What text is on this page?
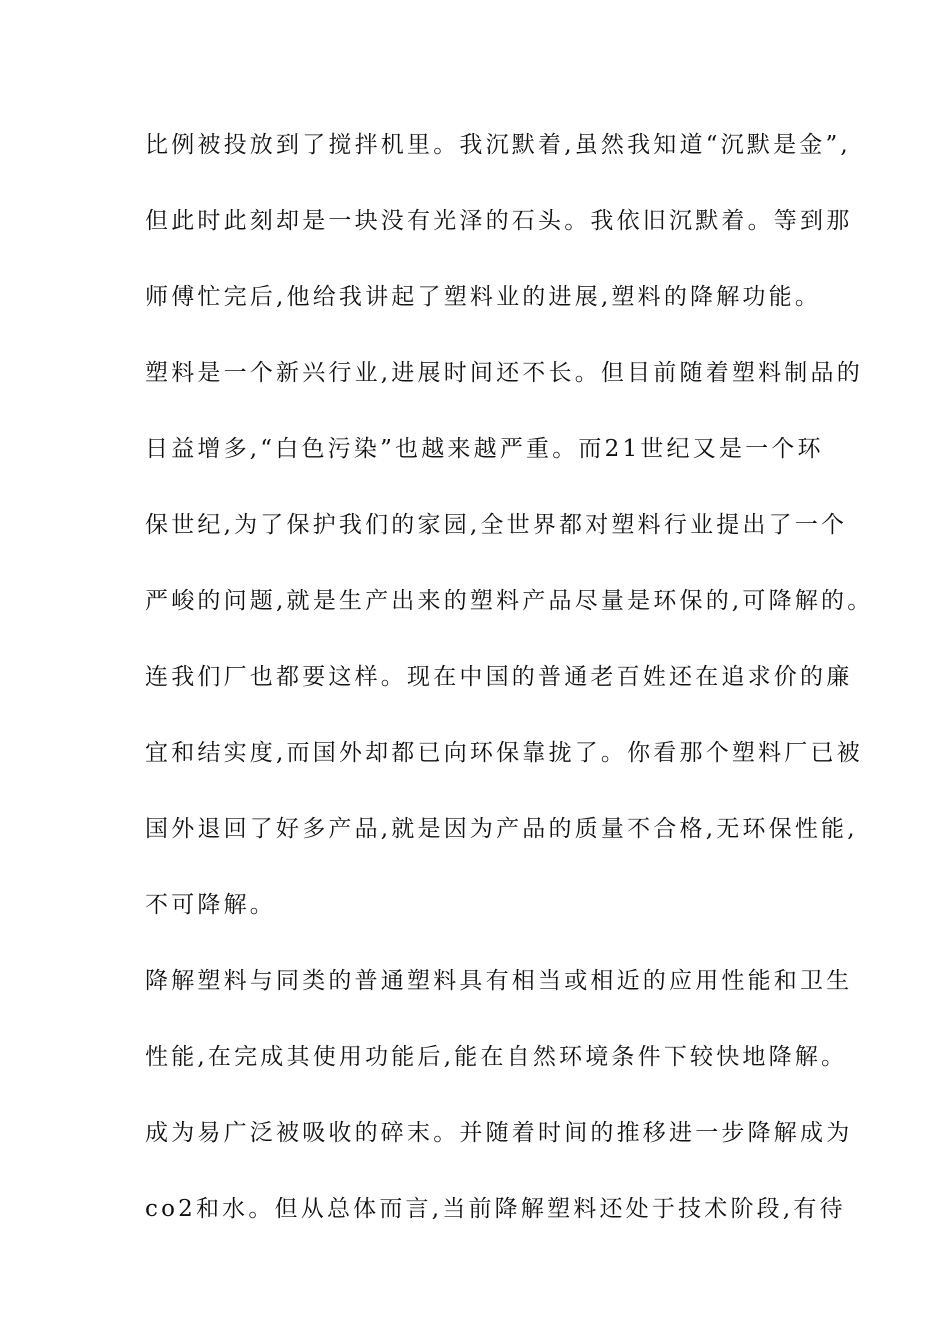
比例被投放到了搅拌机里。我沉默着,虽然我知道“沉默是金”,
但此时此刻却是一块没有光泽的石头。我依旧沉默着。等到那
师傅忙完后,他给我讲起了塑料业的进展,塑料的降解功能。
塑料是一个新兴行业,进展时间还不长。但目前随着塑料制品的
日益增多,“白色污染”也越来越严重。而21世纪又是一个环
保世纪,为了保护我们的家园,全世界都对塑料行业提出了一个
严峻的问题,就是生产出来的塑料产品尽量是环保的,可降解的。
连我们厂也都要这样。现在中国的普通老百姓还在追求价的廉
宜和结实度,而国外却都已向环保靠拢了。你看那个塑料厂已被
国外退回了好多产品,就是因为产品的质量不合格,无环保性能,
不可降解。
降解塑料与同类的普通塑料具有相当或相近的应用性能和卫生
性能,在完成其使用功能后,能在自然环境条件下较快地降解。
成为易广泛被吸收的碎末。并随着时间的推移进一步降解成为
co2和水。但从总体而言,当前降解塑料还处于技术阶段,有待
